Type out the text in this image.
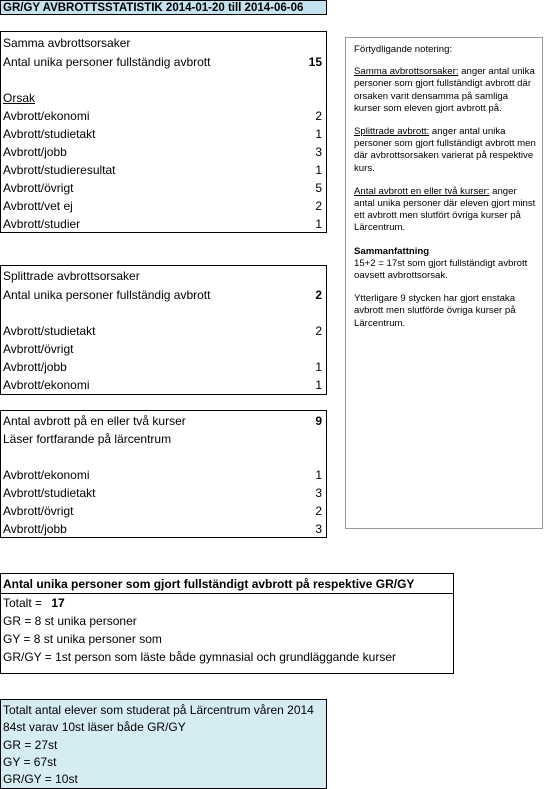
GR/GY AVBROTTSSTATISTIK 2014-01-20 till 2014-06-06
Samma avbrottsorsaker
Antal unika personer fullständig avbrott	15
Orsak
Avbrott/ekonomi	2
Avbrott/studietakt	1
Avbrott/jobb	3
Avbrott/studieresultat	1
Avbrott/övrigt	5
Avbrott/vet ej	2
Avbrott/studier	1
Splittrade avbrottsorsaker
Antal unika personer fullständig avbrott	2
Avbrott/studietakt	2
Avbrott/övrigt
Avbrott/jobb	1
Avbrott/ekonomi	1
Antal avbrott på en eller två kurser	9
Läser fortfarande på lärcentrum
Avbrott/ekonomi	1
Avbrott/studietakt	3
Avbrott/övrigt	2
Avbrott/jobb	3
Antal unika personer som gjort fullständigt avbrott på respektive GR/GY
Totalt = 17
GR = 8 st unika personer
GY = 8 st unika personer som
GR/GY = 1st person som läste både gymnasial och grundläggande kurser
Totalt antal elever som studerat på Lärcentrum våren 2014
84st varav 10st läser både GR/GY
GR = 27st
GY = 67st
GR/GY = 10st

Förtydligande notering:

Samma avbrottsorsaker: anger antal unika personer som gjort fullständigt avbrott där orsaken varit densamma på samliga kurser som eleven gjort avbrott på.

Splittrade avbrott: anger antal unika personer som gjort fullständigt avbrott men där avbrottsorsaken varierat på respektive kurs.

Antal avbrott en eller två kurser: anger antal unika personer där eleven gjort minst ett avbrott men slutfört övriga kurser på Lärcentrum.

Sammanfattning

15+2 = 17st som gjort fullständigt avbrott oavsett avbrottsorsak.

Ytterligare 9 stycken har gjort enstaka avbrott men slutförde övriga kurser på Lärcentrum.
